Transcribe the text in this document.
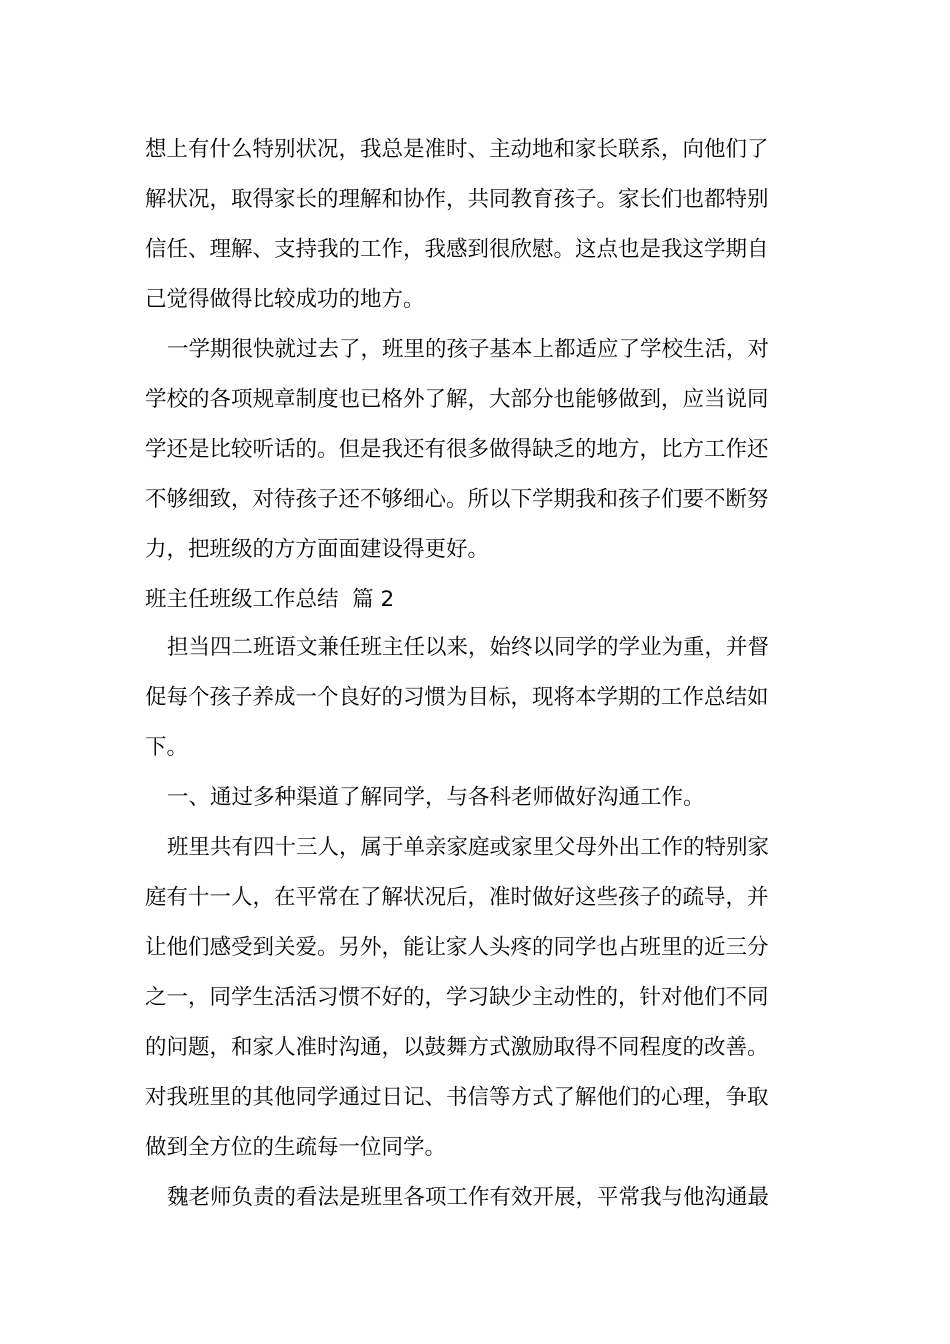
想上有什么特别状况，我总是准时、主动地和家长联系，向他们了
解状况，取得家长的理解和协作，共同教育孩子。家长们也都特别
信任、理解、支持我的工作，我感到很欣慰。这点也是我这学期自
己觉得做得比较成功的地方。
一学期很快就过去了，班里的孩子基本上都适应了学校生活，对
学校的各项规章制度也已格外了解，大部分也能够做到，应当说同
学还是比较听话的。但是我还有很多做得缺乏的地方，比方工作还
不够细致，对待孩子还不够细心。所以下学期我和孩子们要不断努
力，把班级的方方面面建设得更好。
班主任班级工作总结  篇 2
担当四二班语文兼任班主任以来，始终以同学的学业为重，并督
促每个孩子养成一个良好的习惯为目标，现将本学期的工作总结如
下。
一、通过多种渠道了解同学，与各科老师做好沟通工作。
班里共有四十三人，属于单亲家庭或家里父母外出工作的特别家
庭有十一人，在平常在了解状况后，准时做好这些孩子的疏导，并
让他们感受到关爱。另外，能让家人头疼的同学也占班里的近三分
之一，同学生活活习惯不好的，学习缺少主动性的，针对他们不同
的问题，和家人准时沟通，以鼓舞方式激励取得不同程度的改善。
对我班里的其他同学通过日记、书信等方式了解他们的心理，争取
做到全方位的生疏每一位同学。
魏老师负责的看法是班里各项工作有效开展，平常我与他沟通最
